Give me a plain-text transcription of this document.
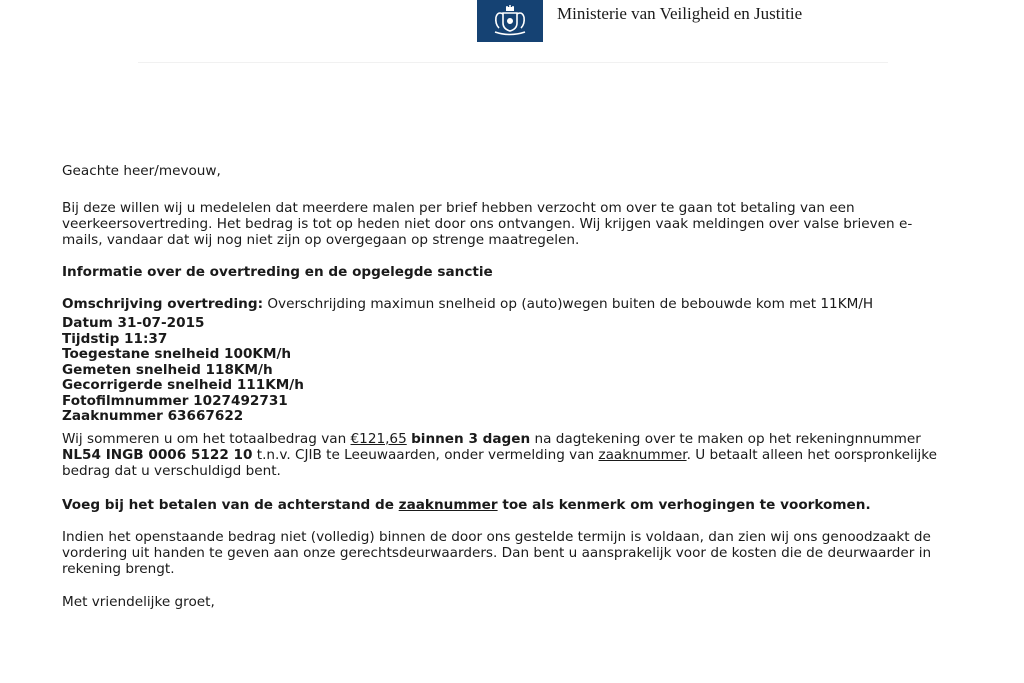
Ministerie van Veiligheid en Justitie

Geachte heer/mevouw,

Bij deze willen wij u medelelen dat meerdere malen per brief hebben verzocht om over te gaan tot betaling van een veerkeersovertreding. Het bedrag is tot op heden niet door ons ontvangen. Wij krijgen vaak meldingen over valse brieven e-mails, vandaar dat wij nog niet zijn op overgegaan op strenge maatregelen.

Informatie over de overtreding en de opgelegde sanctie

Omschrijving overtreding: Overschrijding maximun snelheid op (auto)wegen buiten de bebouwde kom met 11KM/H

Datum 31-07-2015
Tijdstip 11:37
Toegestane snelheid 100KM/h
Gemeten snelheid 118KM/h
Gecorrigerde snelheid 111KM/h
Fotofilmnummer 1027492731
Zaaknummer 63667622

Wij sommeren u om het totaalbedrag van €121,65 binnen 3 dagen na dagtekening over te maken op het rekeningnnummer NL54 INGB 0006 5122 10 t.n.v. CJIB te Leeuwaarden, onder vermelding van zaaknummer. U betaalt alleen het oorspronkelijke bedrag dat u verschuldigd bent.

Voeg bij het betalen van de achterstand de zaaknummer toe als kenmerk om verhogingen te voorkomen.

Indien het openstaande bedrag niet (volledig) binnen de door ons gestelde termijn is voldaan, dan zien wij ons genoodzaakt de vordering uit handen te geven aan onze gerechtsdeurwaarders. Dan bent u aansprakelijk voor de kosten die de deurwaarder in rekening brengt.

Met vriendelijke groet,
